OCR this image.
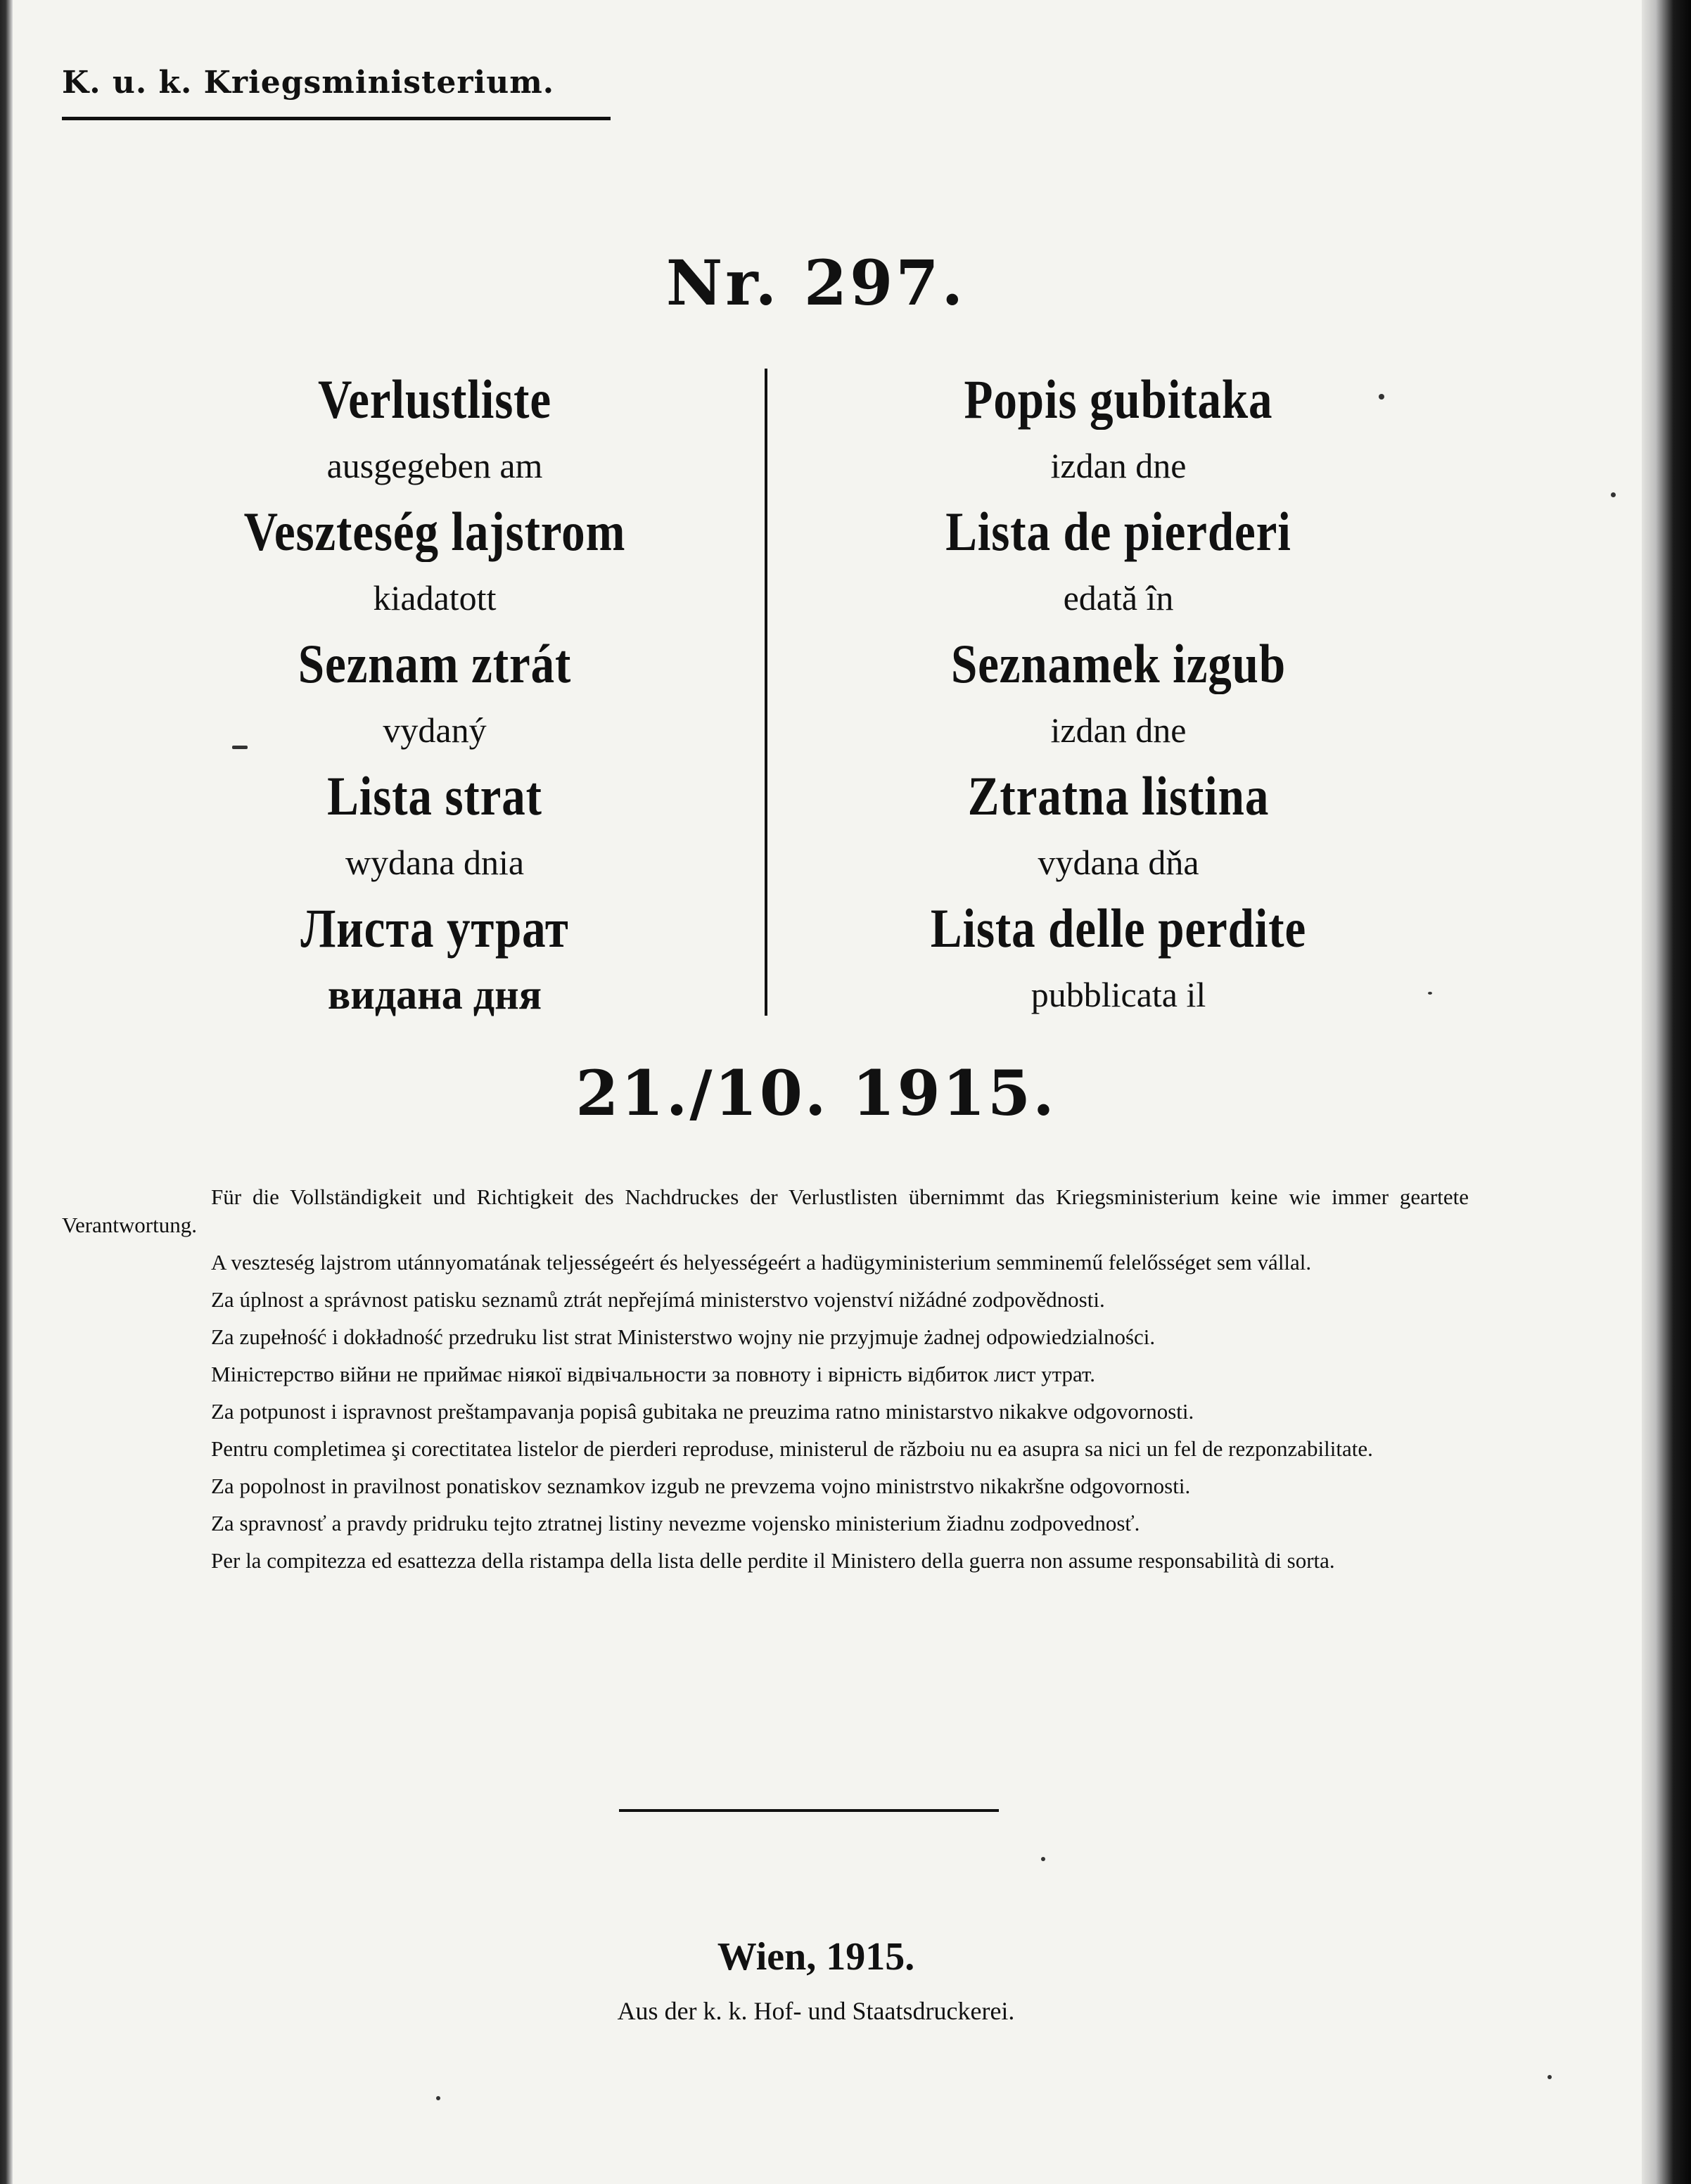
K. u. k. Kriegsministerium.
Nr. 297.
Verlustliste
ausgegeben am
Veszteség lajstrom
kiadatott
Seznam ztrát
vydaný
Lista strat
wydana dnia
Листа утрат
видана дня
Popis gubitaka
izdan dne
Lista de pierderi
edată în
Seznamek izgub
izdan dne
Ztratna listina
vydana dňa
Lista delle perdite
pubblicata il
21./10. 1915.

Für die Vollständigkeit und Richtigkeit des Nachdruckes der Verlustlisten übernimmt das Kriegsministerium keine wie immer geartete Verantwortung.

A veszteség lajstrom utánnyomatának teljességeért és helyességeért a hadügyministerium semminemű felelősséget sem vállal.

Za úplnost a správnost patisku seznamů ztrát nepřejímá ministerstvo vojenství nižádné zodpovědnosti.

Za zupełność i dokładność przedruku list strat Ministerstwo wojny nie przyjmuje żadnej odpowiedzialności.

Міністерство війни не приймає ніякої відвічальности за повноту і вірність відбиток лист утрат.

Za potpunost i ispravnost preštampavanja popisâ gubitaka ne preuzima ratno ministarstvo nikakve odgovornosti.

Pentru completimea şi corectitatea listelor de pierderi reproduse, ministerul de războiu nu ea asupra sa nici un fel de rezponzabilitate.

Za popolnost in pravilnost ponatiskov seznamkov izgub ne prevzema vojno ministrstvo nikakršne odgovornosti.

Za spravnosť a pravdy pridruku tejto ztratnej listiny nevezme vojensko ministerium žiadnu zodpovednosť.

Per la compitezza ed esattezza della ristampa della lista delle perdite il Ministero della guerra non assume responsabilità di sorta.

Wien, 1915.
Aus der k. k. Hof- und Staatsdruckerei.
